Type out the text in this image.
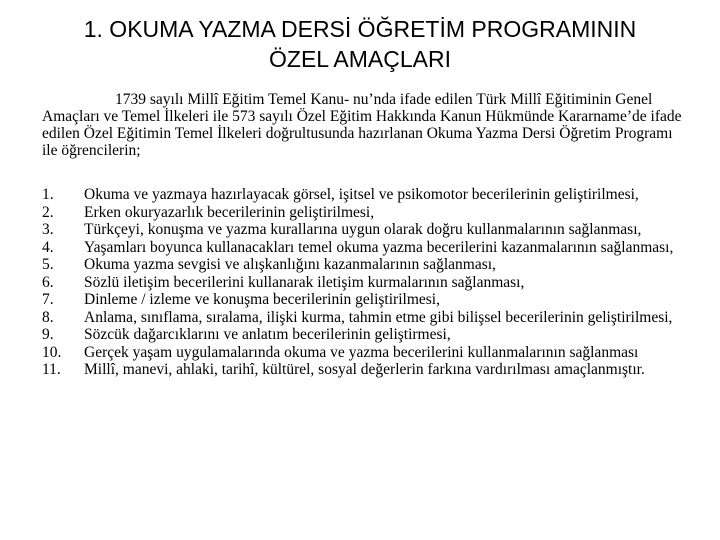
1. OKUMA YAZMA DERSİ ÖĞRETİM PROGRAMININ
ÖZEL AMAÇLARI

1739 sayılı Millî Eğitim Temel Kanu- nu’nda ifade edilen Türk Millî Eğitiminin Genel Amaçları ve Temel İlkeleri ile 573 sayılı Özel Eğitim Hakkında Kanun Hükmünde Kararname’de ifade edilen Özel Eğitimin Temel İlkeleri doğrultusunda hazırlanan Okuma Yazma Dersi Öğretim Programı ile öğrencilerin;

1. Okuma ve yazmaya hazırlayacak görsel, işitsel ve psikomotor becerilerinin geliştirilmesi,
2. Erken okuryazarlık becerilerinin geliştirilmesi,
3. Türkçeyi, konuşma ve yazma kurallarına uygun olarak doğru kullanmalarının sağlanması,
4. Yaşamları boyunca kullanacakları temel okuma yazma becerilerini kazanmalarının sağlanması,
5. Okuma yazma sevgisi ve alışkanlığını kazanmalarının sağlanması,
6. Sözlü iletişim becerilerini kullanarak iletişim kurmalarının sağlanması,
7. Dinleme / izleme ve konuşma becerilerinin geliştirilmesi,
8. Anlama, sınıflama, sıralama, ilişki kurma, tahmin etme gibi bilişsel becerilerinin geliştirilmesi,
9. Sözcük dağarcıklarını ve anlatım becerilerinin geliştirmesi,
10. Gerçek yaşam uygulamalarında okuma ve yazma becerilerini kullanmalarının sağlanması
11. Millî, manevi, ahlaki, tarihî, kültürel, sosyal değerlerin farkına vardırılması amaçlanmıştır.
